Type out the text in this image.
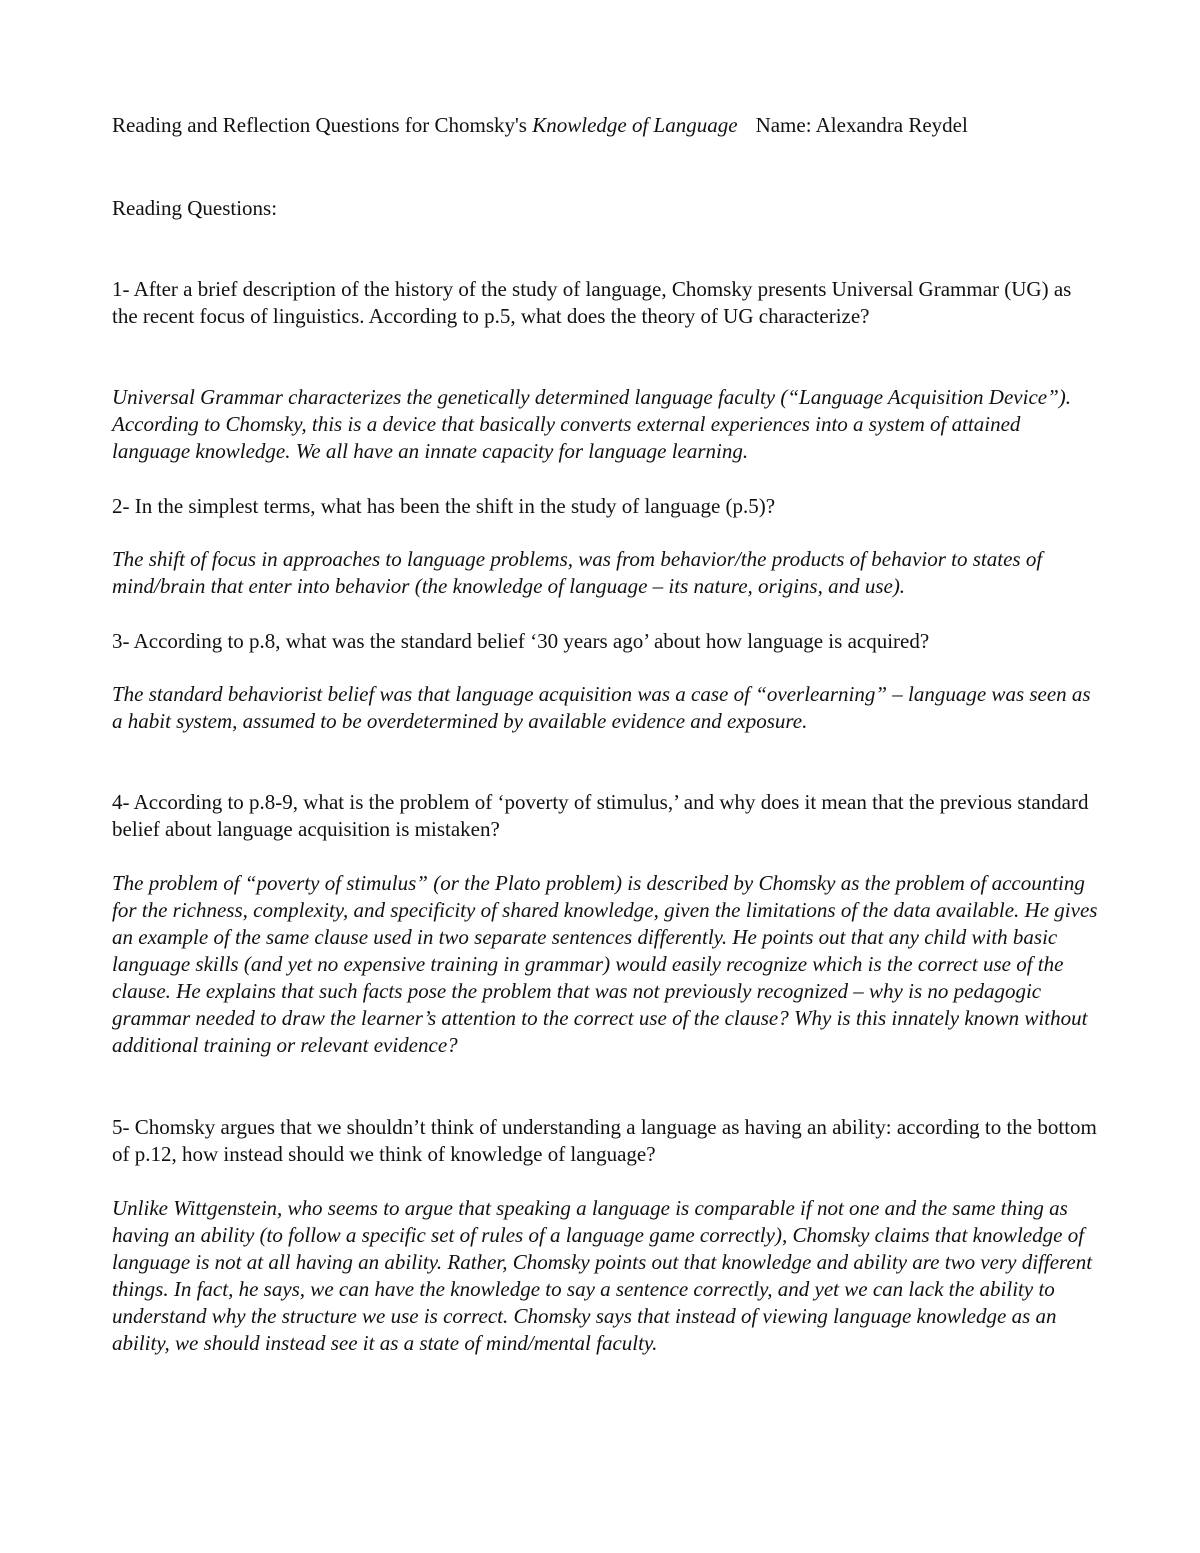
Reading and Reflection Questions for Chomsky's Knowledge of Language Name: Alexandra Reydel

Reading Questions:

1- After a brief description of the history of the study of language, Chomsky presents Universal Grammar (UG) as the recent focus of linguistics. According to p.5, what does the theory of UG characterize?

Universal Grammar characterizes the genetically determined language faculty (“Language Acquisition Device”). According to Chomsky, this is a device that basically converts external experiences into a system of attained language knowledge. We all have an innate capacity for language learning.

2- In the simplest terms, what has been the shift in the study of language (p.5)?

The shift of focus in approaches to language problems, was from behavior/the products of behavior to states of mind/brain that enter into behavior (the knowledge of language – its nature, origins, and use).

3- According to p.8, what was the standard belief ‘30 years ago’ about how language is acquired?

The standard behaviorist belief was that language acquisition was a case of “overlearning” – language was seen as a habit system, assumed to be overdetermined by available evidence and exposure.

4- According to p.8-9, what is the problem of ‘poverty of stimulus,’ and why does it mean that the previous standard belief about language acquisition is mistaken?

The problem of “poverty of stimulus” (or the Plato problem) is described by Chomsky as the problem of accounting for the richness, complexity, and specificity of shared knowledge, given the limitations of the data available. He gives an example of the same clause used in two separate sentences differently. He points out that any child with basic language skills (and yet no expensive training in grammar) would easily recognize which is the correct use of the clause. He explains that such facts pose the problem that was not previously recognized – why is no pedagogic grammar needed to draw the learner’s attention to the correct use of the clause? Why is this innately known without additional training or relevant evidence?

5- Chomsky argues that we shouldn’t think of understanding a language as having an ability: according to the bottom of p.12, how instead should we think of knowledge of language?

Unlike Wittgenstein, who seems to argue that speaking a language is comparable if not one and the same thing as having an ability (to follow a specific set of rules of a language game correctly), Chomsky claims that knowledge of language is not at all having an ability. Rather, Chomsky points out that knowledge and ability are two very different things. In fact, he says, we can have the knowledge to say a sentence correctly, and yet we can lack the ability to understand why the structure we use is correct. Chomsky says that instead of viewing language knowledge as an ability, we should instead see it as a state of mind/mental faculty.
